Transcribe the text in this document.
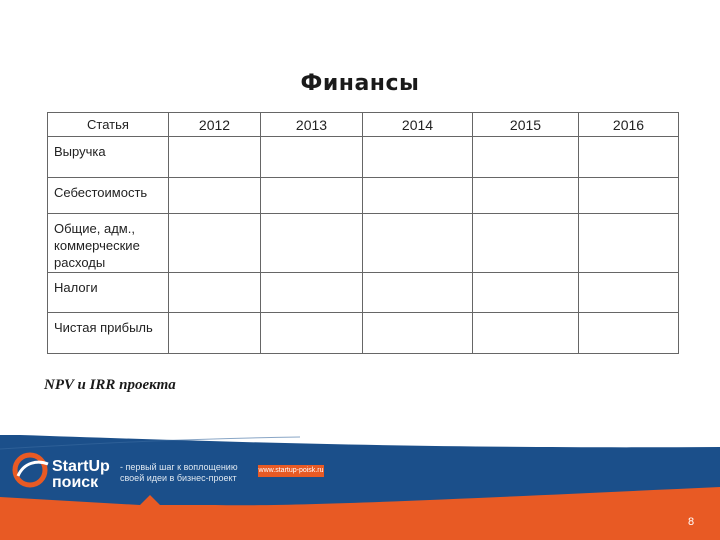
Финансы
Статья	2012	2013	2014	2015	2016
Выручка					
Себестоимость					
Общие, адм., коммерческие расходы					
Налоги					
Чистая прибыль					
NPV и IRR проекта
StartUp
поиск
- первый шаг к воплощению
своей идеи в бизнес-проект
www.startup-poisk.ru
8
